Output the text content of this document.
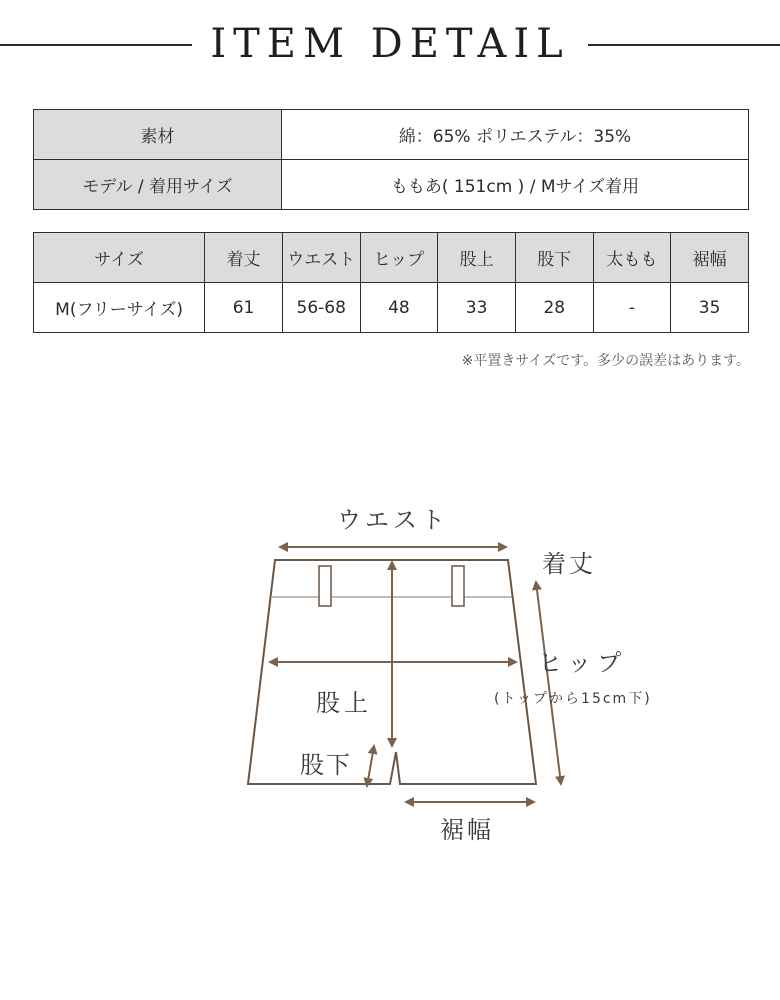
ITEM DETAIL
素材	綿：65% ポリエステル：35%
モデル / 着用サイズ	ももあ( 151cm ) / Mサイズ着用
サイズ	着丈	ウエスト	ヒップ	股上	股下	太もも	裾幅
M(フリーサイズ)	61	56-68	48	33	28	-	35
※平置きサイズです。多少の誤差はあります。
ウエスト
着丈
ヒップ
(トップから15cm下)
股上
股下
裾幅
